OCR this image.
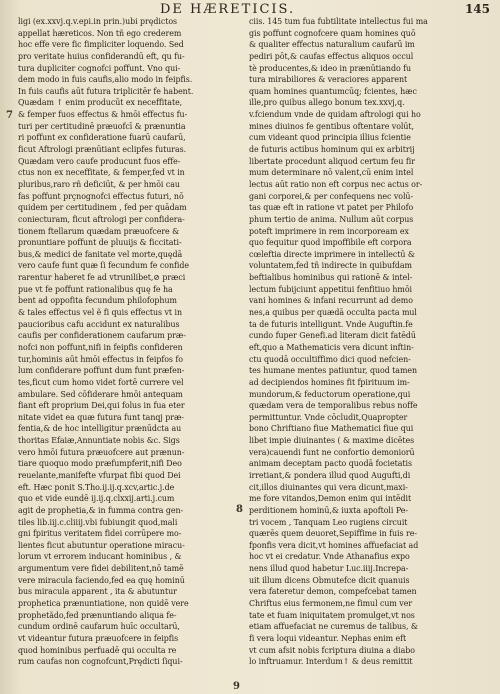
DE HÆRETICIS.	145
7
8
9
ligi (ex.xxvj.q.v.epi.in prin.)ubi prędictos
appellat hæreticos. Non tñ ego crederem
hoc effe vere fic fimpliciter loquendo. Sed
pro veritate huius confiderandū eft, qu fu-
tura dupliciter cognofci poffunt. Vno qui-
dem modo in fuis caufis,alio modo in feipfis.
In fuis caufis aūt futura triplicitēr fe habent.
Quædam ↑ enim producūt ex neceffitate,
& femper fuos effectus & hmōi effectus fu-
turi per certitudinē præuofcī & prænuntia
ri poffunt ex confideratione fuarū caufarū,
ficut Aftrologi prænūtiant eclipfes futuras.
Quædam vero caufe producunt fuos effe-
ctus non ex neceffitate, & femper,fed vt in
pluribus,raro rñ deficiūt, & per hmōi cau
fas poffunt prçnognofci effectus futuri, nō
quidem per certitudinem , fed per quādam
coniecturam, ficut aftrologi per confidera-
tionem ftellarum quædam præuofcere &
pronuntiare poffunt de pluuijs & ficcitati-
bus,& medici de fanitate vel morte,quędā
vero caufe funt quæ ſi fecundum fe confide
rarentur haberet fe ad vtrunilibet,⊘ præci
pue vt fe poffunt rationalibus quę fe ha
bent ad oppofita fecundum philofophum
& tales effectus vel ẽ fi quis effectus vt in
paucioribus cafu accidunt ex naturalibus
caufis per confiderationem caufarum præ-
nofci non poffunt,nifi in feipfis confideren
tur,hominis aūt hmōi effectus in feipfos fo
lum confiderare poffunt dum funt præfen-
tes,ficut cum homo videt fortē currere vel
ambulare. Sed cōfiderare hmōi antequam
fiant eft proprium Dei,qui folus in fua eter
nitate videt ea quæ futura funt tanqj præ-
fentia,& de hoc intelligitur prænūdcta au
thoritas Efaiæ,Annuntiate nobis &c. Sigs
vero hmōi futura præuofcere aut prænun-
tiare quoquo modo præfumpferit,nifi Deo
reuelante,manifefte vfurpat fibi quod Dei
eft. Hæc ponit S.Tho.ij.ij.q.xcv,artic.j.de
quo et vide eundē ij.ij.q.clxxij.arti.j.cum
agit de prophetia,& in fumma contra gen-
tiles lib.iij.c.cliiij.vbi fubiungit quod,mali
gni fpiritus veritatem fidei corrūpere mo-
lientes ficut abutuntur operatione miracu-
lorum vt errorem inducant hominibus , &
argumentum vere fidei debilitent,nō tamē
vere miracula faciendo,fed ea quę hominū
bus miracula apparent , ita & abutuntur
prophetica prænuntiatione, non quidē vere
prophetãdo,fed prænuntiando aliqua fe-
cundum ordinē caufarum huīc occultarū,
vt videantur futura præuofcere in feipfis
quod hominibus perfuadē qui occulta re
rum caufas non cognofcunt,Prędicti ſiqui-
ciis. 145 tum fua fubtilitate intellectus fui ma
gis poffunt cognofcere quam homines quō
& qualiter effectus naturalium caufarū im
pediri pōt,& caufas effectus aliquos occul
tè producentes,& ideo in prænūtiando fu
tura mirabiliores & veraciores apparent
quam homines quantumcūq; fcientes, hæc
ille,pro quibus allego bonum tex.xxvj,q.
v.fciendum vnde de quidam aftrologi qui ho
mines diuinos fe gentibus oftentare volūt,
cum videant quod principia illius fcientie
de futuris actibus hominum qui ex arbitrij
libertate procedunt aliquod certum feu fir
mum determinare nō valent,cū enim intel
lectus aūt ratio non eft corpus nec actus or-
gani corporei,& per confequens nec volū-
tas quæ eft in ratione vt patet per Philofo
phum tertio de anima. Nullum aūt corpus
poteft imprimere in rem incorpoream ex
quo fequitur quod impoffibile eft corpora
cœleftia directe imprimere in intellectū &
voluntatem,fed tñ indirecte in quibufdam
beftialibus hominibus qui rationē & intel-
lectum fubijciunt appetitui fenfitiuo hmōi
vani homines & infani recurrunt ad demo
nes,a quibus per quædā occulta pacta mul
ta de futuris intelligunt. Vnde Auguftin.fe
cundo fuper Genefi.ad literam dicit fatēdū
eft,quo a Mathematicis vera dicunt inftin-
ctu quodā occultiffimo dici quod nefcien-
tes humane mentes patiuntur, quod tamen
ad decipiendos homines fit fpirituum im-
mundorum,& feductorum operatione,qui
quædam vera de temporalibus rebus noffe
permittuntur. Vnde cōcludit,Quapropter
bono Chriftiano fiue Mathematici fiue qui
libet impie diuinantes ( & maxime dicētes
vera)cauendi funt ne confortio demoniorū
animam deceptam pacto quodā focietatis
irretiant,& pondera illud quod Augufti,di
cit,illos diuinantes qui vera dicunt,maxi-
me fore vitandos,Demon enim qui intēdit
perditionem hominū,& iuxta apoftoli Pe-
tri vocem , Tanquam Leo rugiens circuit
quærēs quem deuoret,Sepiffime in fuis re-
fponfis vera dicit,vt homines affuefaciat ad
hoc vt ei credatur. Vnde Athanafius expo
nens illud quod habetur Luc.iiij.Increpa-
uit illum dicens Obmutefce dicit quanuis
vera fateretur demon, compefcebat tamen
Chriftus eius fermonem,ne fimul cum ver
tate et fuam iniquitatem promulget,vt nos
etiam affuefaciat ne curemus de talibus, &
fi vera loqui videantur. Nephas enim eft
vt cum afsit nobis fcriptura diuina a diabo
lo inftruamur. Interdum↑ & deus remittit
